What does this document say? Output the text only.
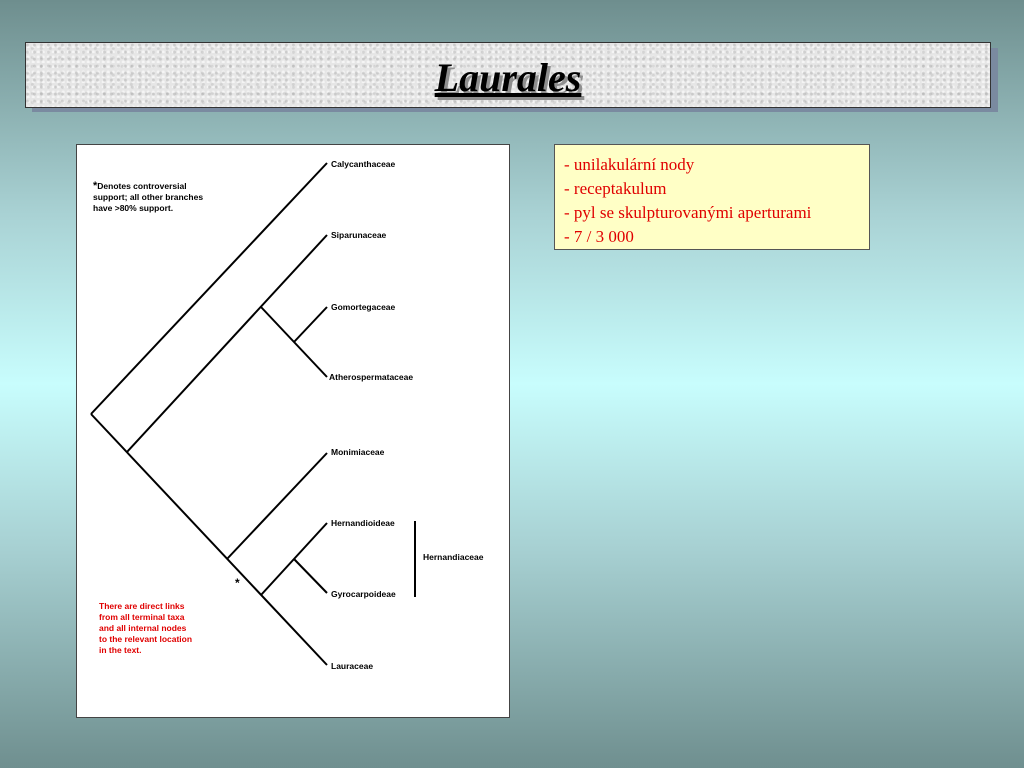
Laurales
*Denotes controversial
support; all other branches
have >80% support.
Calycanthaceae
Siparunaceae
Gomortegaceae
Atherospermataceae
Monimiaceae
Hernandioideae
Gyrocarpoideae
Lauraceae
Hernandiaceae
*
There are direct links
from all terminal taxa
and all internal nodes
to the relevant location
in the text.
- unilakulární nody
- receptakulum
- pyl se skulpturovanými aperturami
- 7 / 3 000
